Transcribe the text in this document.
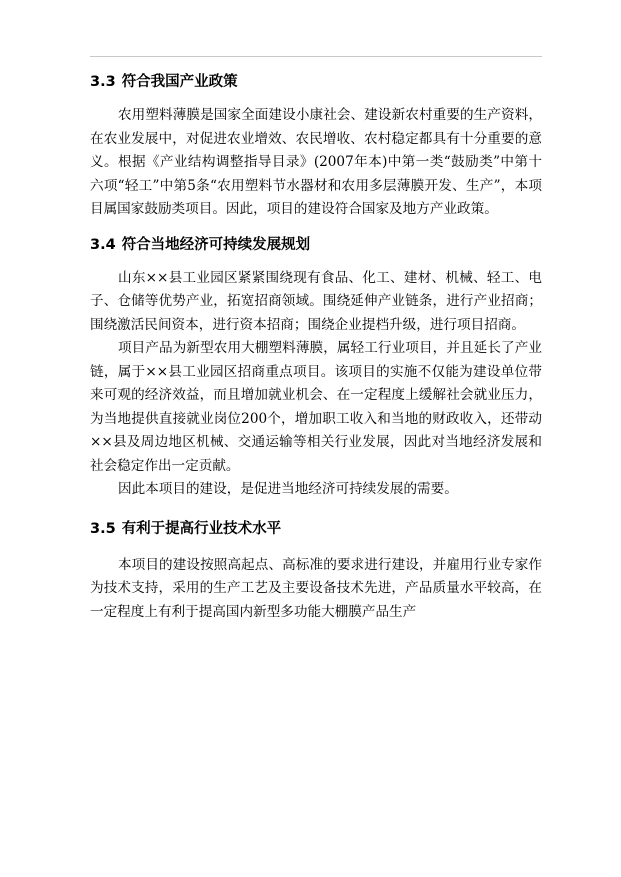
3.3 符合我国产业政策

农用塑料薄膜是国家全面建设小康社会、建设新农村重要的生产资料，在农业发展中，对促进农业增效、农民增收、农村稳定都具有十分重要的意义。根据《产业结构调整指导目录》(2007年本)中第一类“鼓励类”中第十六项“轻工”中第5条“农用塑料节水器材和农用多层薄膜开发、生产”，本项目属国家鼓励类项目。因此，项目的建设符合国家及地方产业政策。

3.4 符合当地经济可持续发展规划

山东××县工业园区紧紧围绕现有食品、化工、建材、机械、轻工、电子、仓储等优势产业，拓宽招商领域。围绕延伸产业链条，进行产业招商；围绕激活民间资本，进行资本招商；围绕企业提档升级，进行项目招商。

项目产品为新型农用大棚塑料薄膜，属轻工行业项目，并且延长了产业链，属于××县工业园区招商重点项目。该项目的实施不仅能为建设单位带来可观的经济效益，而且增加就业机会、在一定程度上缓解社会就业压力，为当地提供直接就业岗位200个，增加职工收入和当地的财政收入，还带动××县及周边地区机械、交通运输等相关行业发展，因此对当地经济发展和社会稳定作出一定贡献。

因此本项目的建设，是促进当地经济可持续发展的需要。

3.5 有利于提高行业技术水平

本项目的建设按照高起点、高标准的要求进行建设，并雇用行业专家作为技术支持，采用的生产工艺及主要设备技术先进，产品质量水平较高，在一定程度上有利于提高国内新型多功能大棚膜产品生产
